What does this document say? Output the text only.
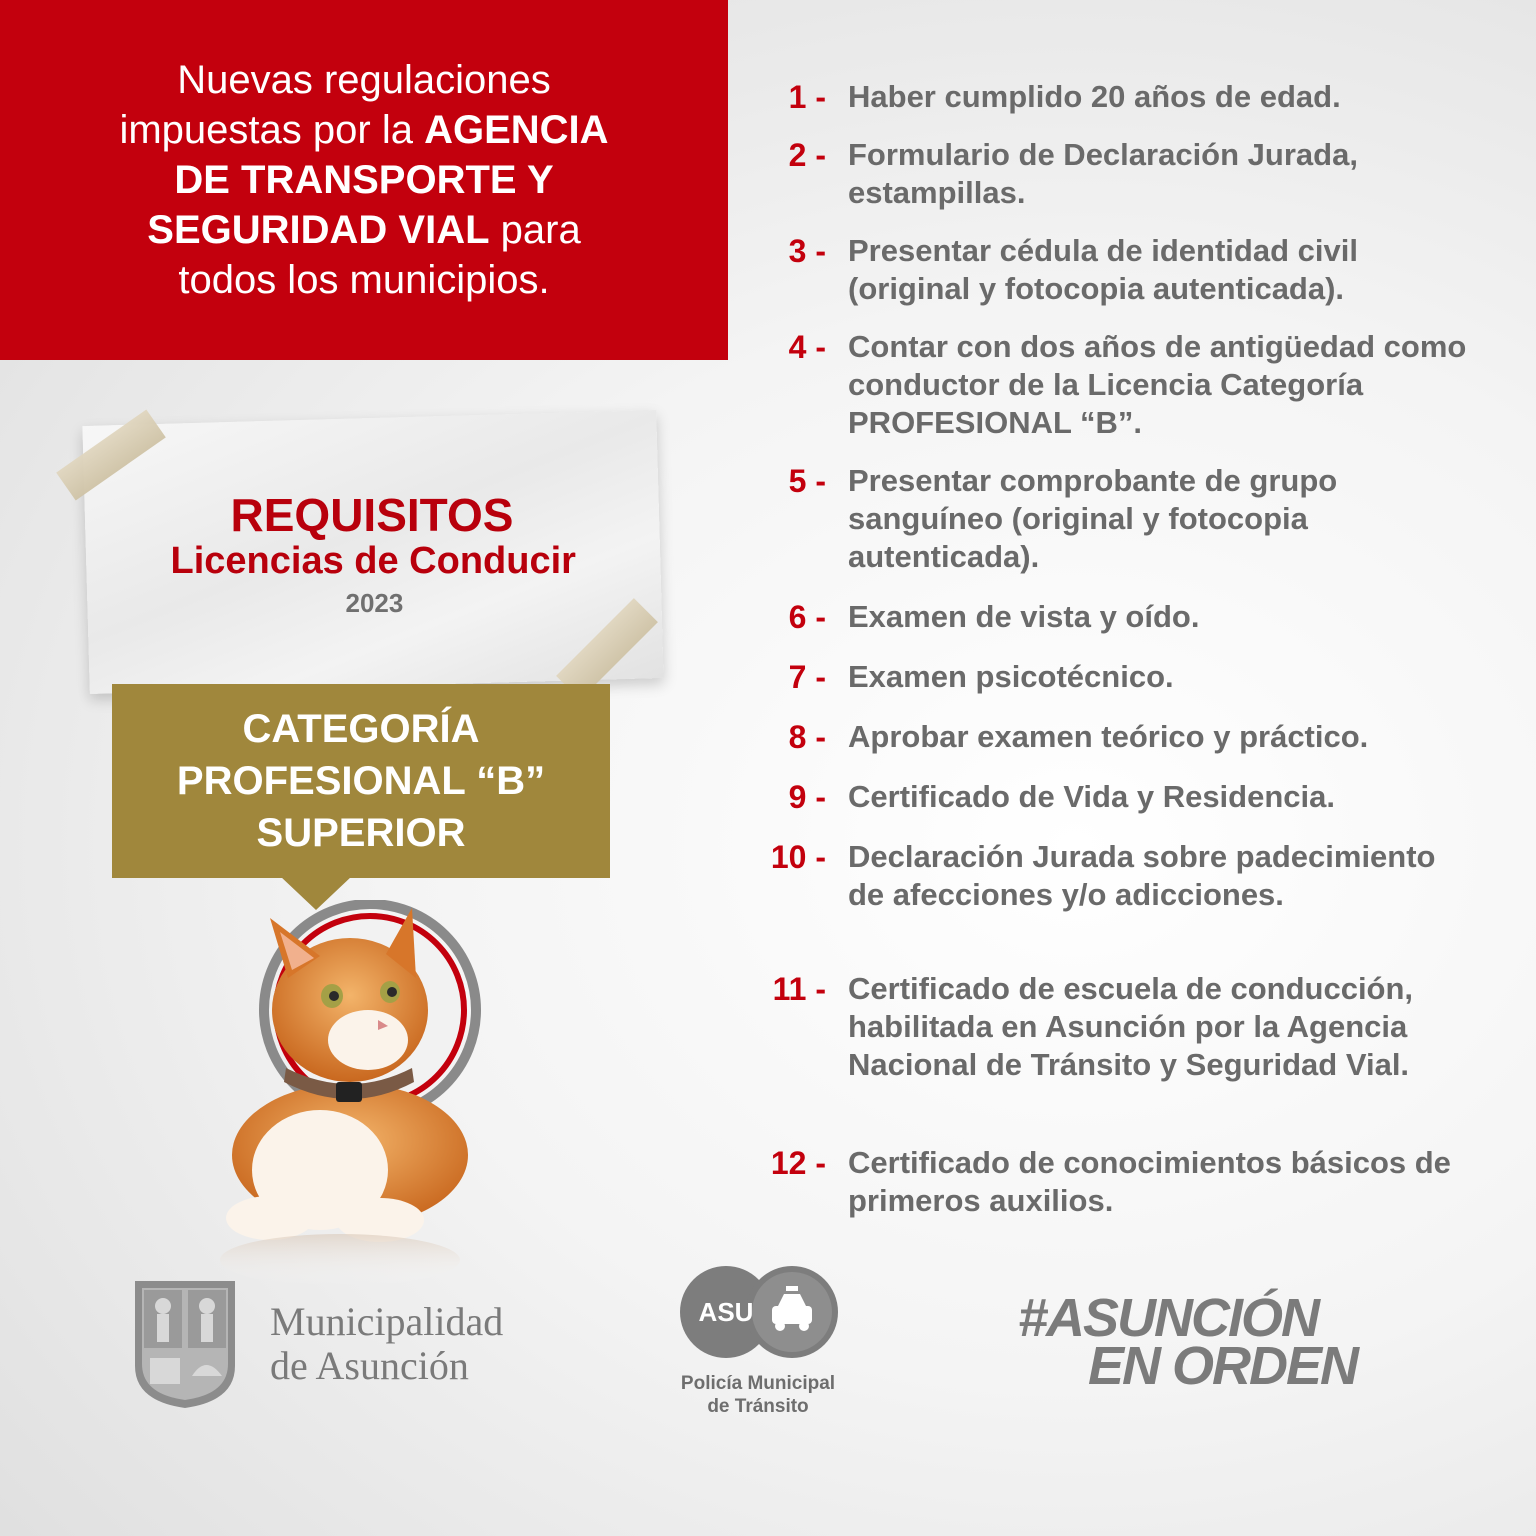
Nuevas regulaciones
impuestas por la AGENCIA
DE TRANSPORTE Y
SEGURIDAD VIAL para
todos los municipios.

REQUISITOS
Licencias de Conducir
2023
CATEGORÍA
PROFESIONAL “B”
SUPERIOR
1 - Haber cumplido 20 años de edad.
2 - Formulario de Declaración Jurada, estampillas.
3 - Presentar cédula de identidad civil (original y fotocopia autenticada).
4 - Contar con dos años de antigüedad como conductor de la Licencia Categoría PROFESIONAL “B”.
5 - Presentar comprobante de grupo sanguíneo (original y fotocopia autenticada).
6 - Examen de vista y oído.
7 - Examen psicotécnico.
8 - Aprobar examen teórico y práctico.
9 - Certificado de Vida y Residencia.
10 - Declaración Jurada sobre padecimiento de afecciones y/o adicciones.
11 - Certificado de escuela de conducción, habilitada en Asunción por la Agencia Nacional de Tránsito y Seguridad Vial.
12 - Certificado de conocimientos básicos de primeros auxilios.
Municipalidad
de Asunción
ASU
Policía Municipal
de Tránsito
#ASUNCIÓN
EN ORDEN
